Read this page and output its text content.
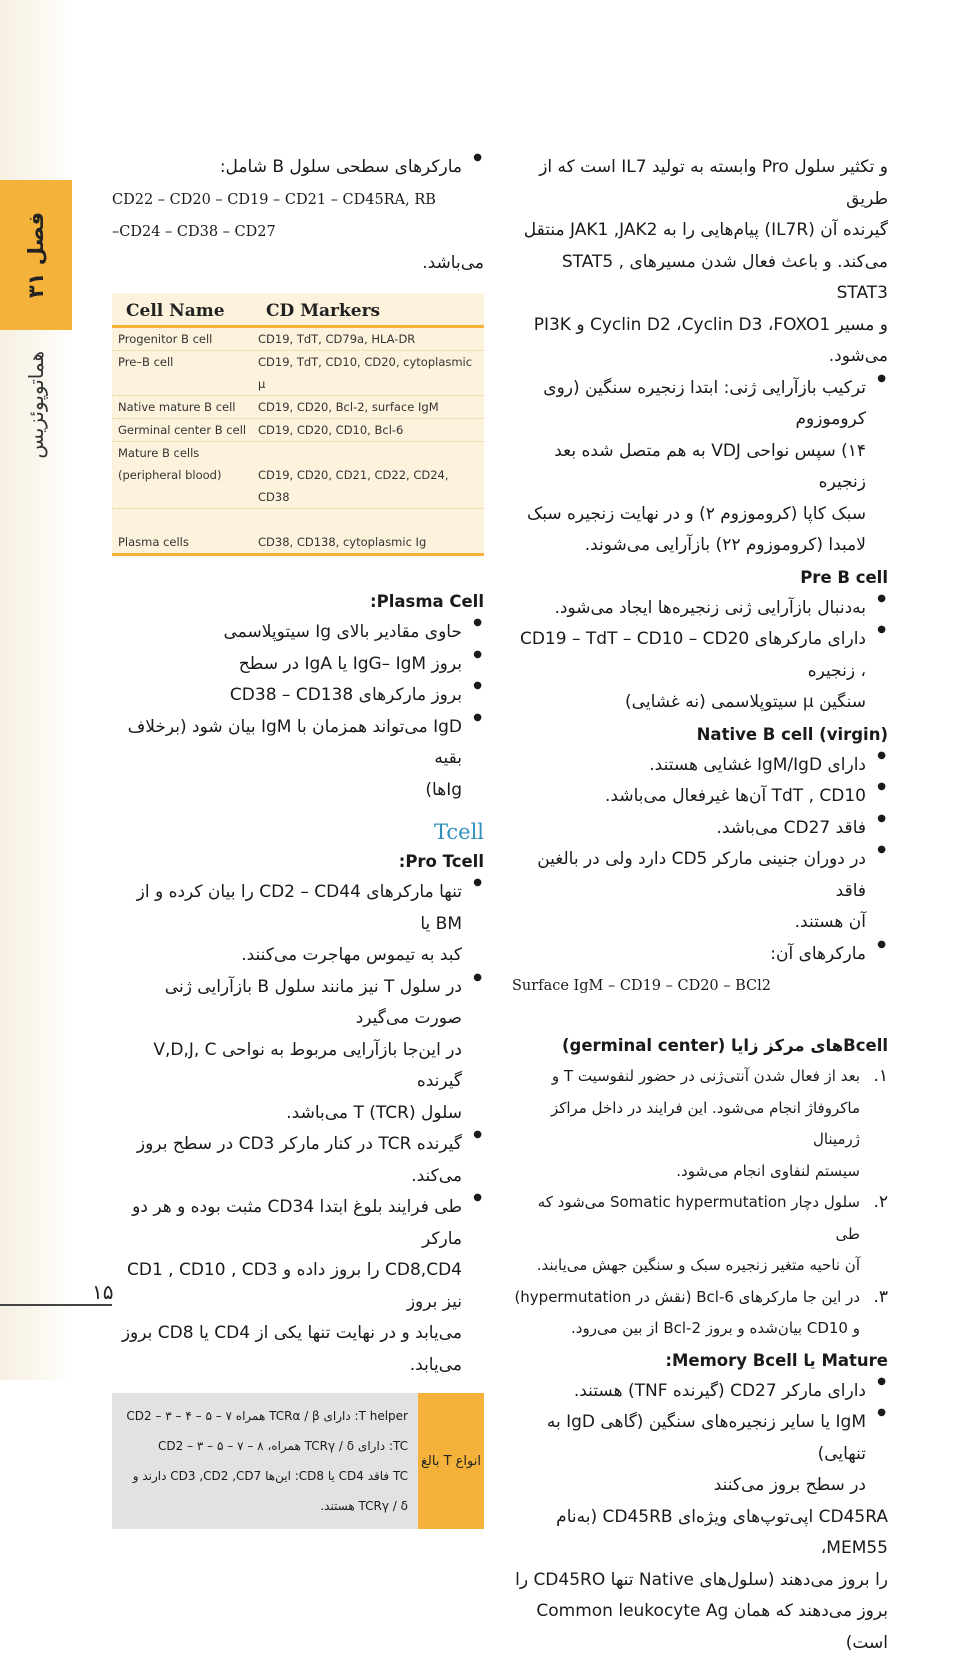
فصل ۳۱
هماتوپوئزیس

و تکثیر سلول Pro وابسته به تولید IL7 است که از طریق

گیرنده آن (IL7R) پیام‌هایی را به JAK1 ,JAK2 منتقل

می‌کند. و باعث فعال شدن مسیرهای STAT5 , STAT3

و مسیر Cyclin D2 ،Cyclin D3 ،FOXO1 و PI3K می‌شود.

● ترکیب بازآرایی ژنی: ابتدا زنجیره سنگین (روی کروموزوم

۱۴) سپس نواحی VDJ به هم متصل شده بعد زنجیره

سبک کاپا (کروموزوم ۲) و در نهایت زنجیره سبک

لامبدا (کروموزوم ۲۲) بازآرایی می‌شوند.

Pre B cell

● به‌دنبال بازآرایی ژنی زنجیره‌ها ایجاد می‌شود.

● دارای مارکرهای CD19 – TdT – CD10 – CD20 ، زنجیره

سنگین μ سیتوپلاسمی (نه غشایی)

Native B cell (virgin)

● دارای IgM/IgD غشایی هستند.

● TdT , CD10 آن‌ها غیرفعال می‌باشد.

● فاقد CD27 می‌باشد.

● در دوران جنینی مارکر CD5 دارد ولی در بالغین فاقد

آن هستند.

● مارکرهای آن:

Surface IgM – CD19 – CD20 – BCl2

Bcellهای مرکز زایا (germinal center)

۱.

بعد از فعال شدن آنتی‌ژنی در حضور لنفوسیت T و

ماکروفاژ انجام می‌شود. این فرایند در داخل مراکز ژرمینال

سیستم لنفاوی انجام می‌شود.

۲.

سلول دچار Somatic hypermutation می‌شود که طی

آن ناحیه متغیر زنجیره سبک و سنگین جهش می‌یابند.

۳.

در این جا مارکرهای Bcl-6 (نقش در hypermutation)

و CD10 بیان‌شده و بروز Bcl-2 از بین می‌رود.

Mature یا Memory Bcell:

● دارای مارکر CD27 (گیرنده TNF) هستند.

● IgM یا سایر زنجیره‌های سنگین (گاهی IgD به تنهایی)

در سطح بروز می‌کنند

CD45RA اپی‌توپ‌های ویژه‌ای CD45RB (به‌نام MEM55،

را بروز می‌دهند (سلول‌های Native تنها CD45RO را

بروز می‌دهند که همان Common leukocyte Ag است)

● مارکرهای سطحی سلول B شامل:

CD22 – CD20 – CD19 – CD21 – CD45RA, RB

–CD24 – CD38 – CD27

می‌باشد.

Cell Name	CD Markers
Progenitor B cell	CD19, TdT, CD79a, HLA-DR
Pre–B cell	CD19, TdT, CD10, CD20, cytoplasmic μ
Native mature B cell	CD19, CD20, Bcl-2, surface IgM
Germinal center B cell	CD19, CD20, CD10, Bcl-6
Mature B cells
(peripheral blood)	CD19, CD20, CD21, CD22, CD24, CD38
Plasma cells	CD38, CD138, cytoplasmic Ig

Plasma Cell:

● حاوی مقادیر بالای Ig سیتوپلاسمی

● بروز IgG– IgM یا IgA در سطح

● بروز مارکرهای CD38 – CD138

● IgD می‌تواند همزمان با IgM بیان شود (برخلاف بقیه

Igها)

Tcell

Pro Tcell:

● تنها مارکرهای CD2 – CD44 را بیان کرده و از BM یا

کبد به تیموس مهاجرت می‌کنند.

● در سلول T نیز مانند سلول B بازآرایی ژنی صورت می‌گیرد

در این‌جا بازآرایی مربوط به نواحی V,D,J, C گیرنده

سلول T (TCR) می‌باشد.

● گیرنده TCR در کنار مارکر CD3 در سطح بروز می‌کند.

● طی فرایند بلوغ ابتدا CD34 مثبت بوده و هر دو مارکر

CD8,CD4 را بروز داده و CD1 , CD10 , CD3 نیز بروز

می‌یابد و در نهایت تنها یکی از CD4 یا CD8 بروز می‌یابد.

T helper: دارای TCRα / β همراه ۷ – ۵ – ۴ – ۳ – CD2
TC: دارای TCRγ / δ همراه، ۸ – ۷ – ۵ – ۳ – CD2
TC فاقد CD4 یا CD8: این‌ها CD3 ,CD2 ,CD7 دارند و
TCRγ / δ هستند.
انواع T بالغ
۱۵
